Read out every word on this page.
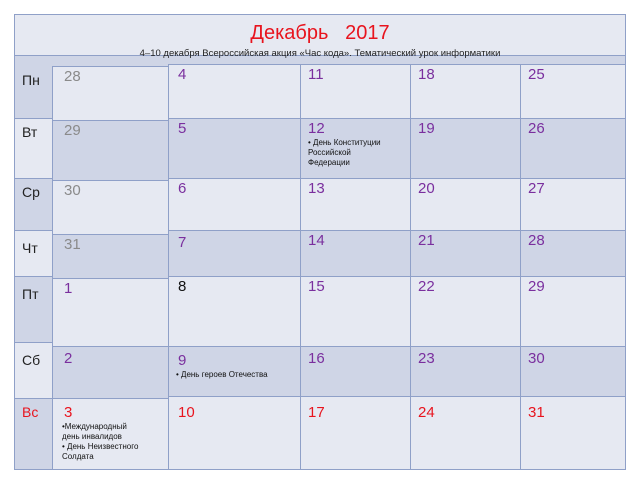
Декабрь   2017
4–10 декабря Всероссийская акция «Час кода». Тематический урок информатики
Пн
Вт
Ср
Чт
Пт
Сб
Вс
28
29
30
31
1
2
3
•Международный
день инвалидов
• День Неизвестного
Солдата
4
5
6
7
8
9
10
• День героев Отечества
11
12
13
14
15
16
17
• День Конституции
Российской
Федерации
18
19
20
21
22
23
24
25
26
27
28
29
30
31
